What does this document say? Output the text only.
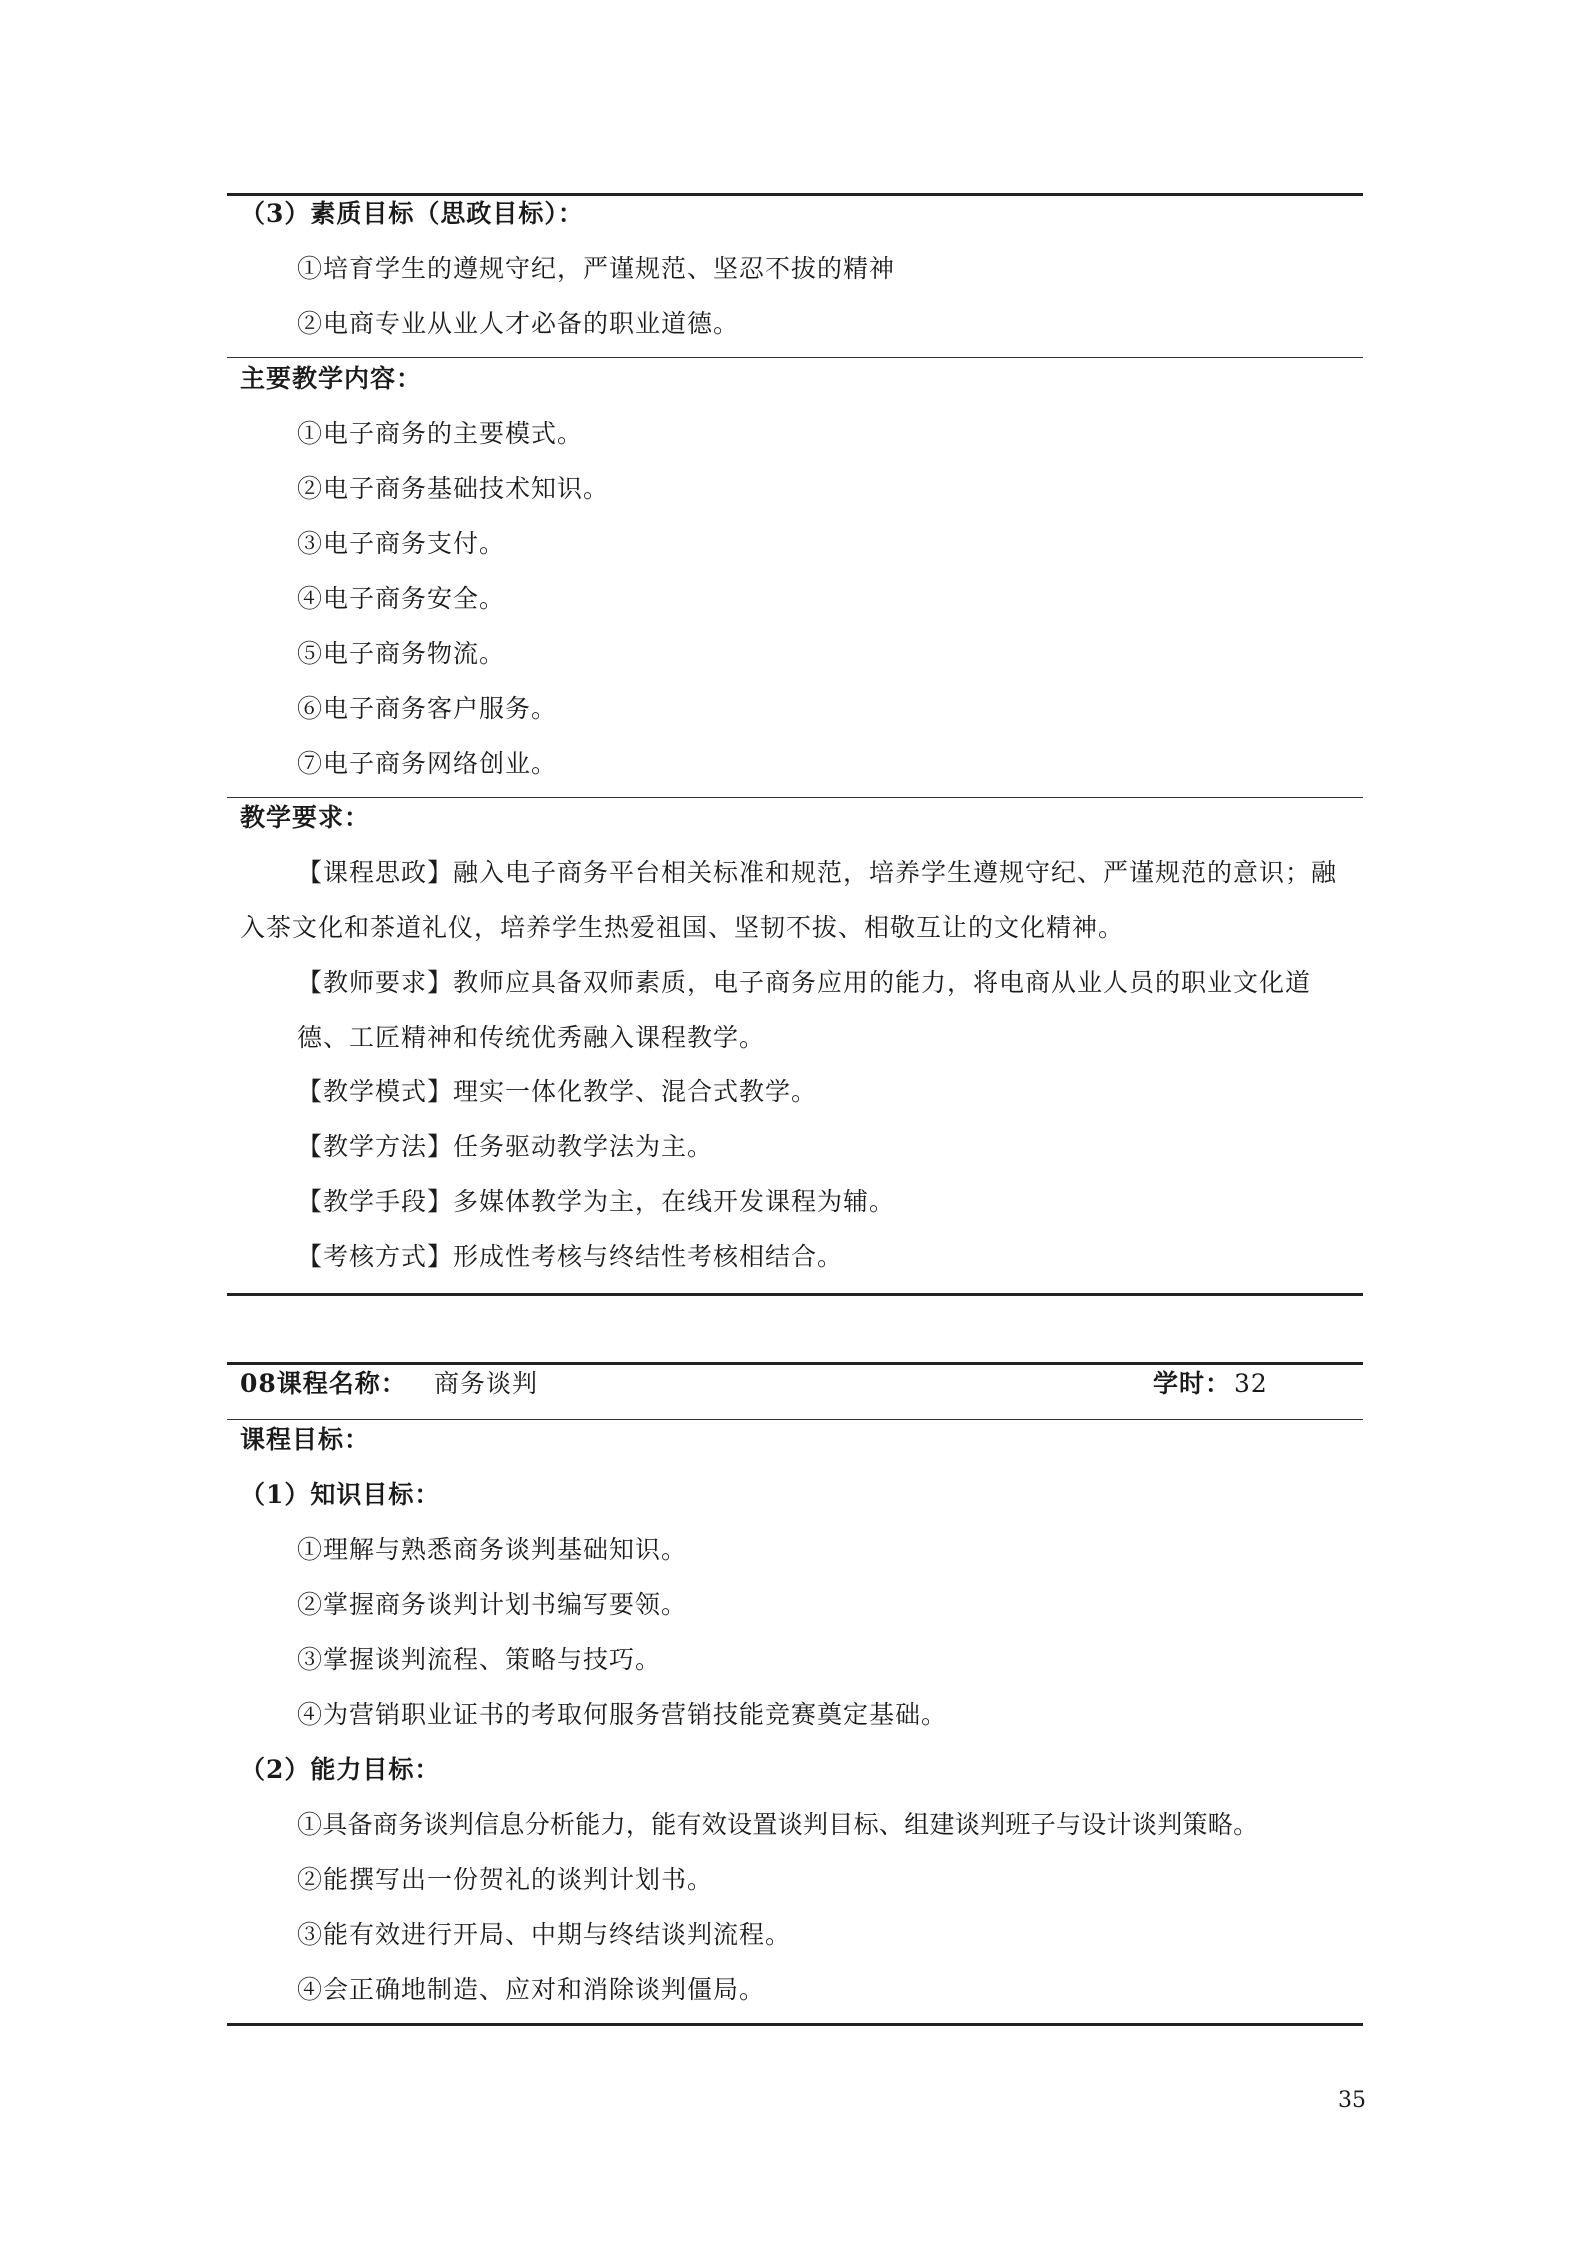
（3）素质目标（思政目标）：
①培育学生的遵规守纪，严谨规范、坚忍不拔的精神
②电商专业从业人才必备的职业道德。
主要教学内容：
①电子商务的主要模式。
②电子商务基础技术知识。
③电子商务支付。
④电子商务安全。
⑤电子商务物流。
⑥电子商务客户服务。
⑦电子商务网络创业。
教学要求：
【课程思政】融入电子商务平台相关标准和规范，培养学生遵规守纪、严谨规范的意识；融入茶文化和茶道礼仪，培养学生热爱祖国、坚韧不拔、相敬互让的文化精神。
【教师要求】教师应具备双师素质，电子商务应用的能力，将电商从业人员的职业文化道德、工匠精神和传统优秀融入课程教学。
【教学模式】理实一体化教学、混合式教学。
【教学方法】任务驱动教学法为主。
【教学手段】多媒体教学为主，在线开发课程为辅。
【考核方式】形成性考核与终结性考核相结合。
08课程名称： 商务谈判	学时： 32
课程目标：
（1）知识目标：
①理解与熟悉商务谈判基础知识。
②掌握商务谈判计划书编写要领。
③掌握谈判流程、策略与技巧。
④为营销职业证书的考取何服务营销技能竞赛奠定基础。
（2）能力目标：
①具备商务谈判信息分析能力，能有效设置谈判目标、组建谈判班子与设计谈判策略。
②能撰写出一份贺礼的谈判计划书。
③能有效进行开局、中期与终结谈判流程。
④会正确地制造、应对和消除谈判僵局。
35
